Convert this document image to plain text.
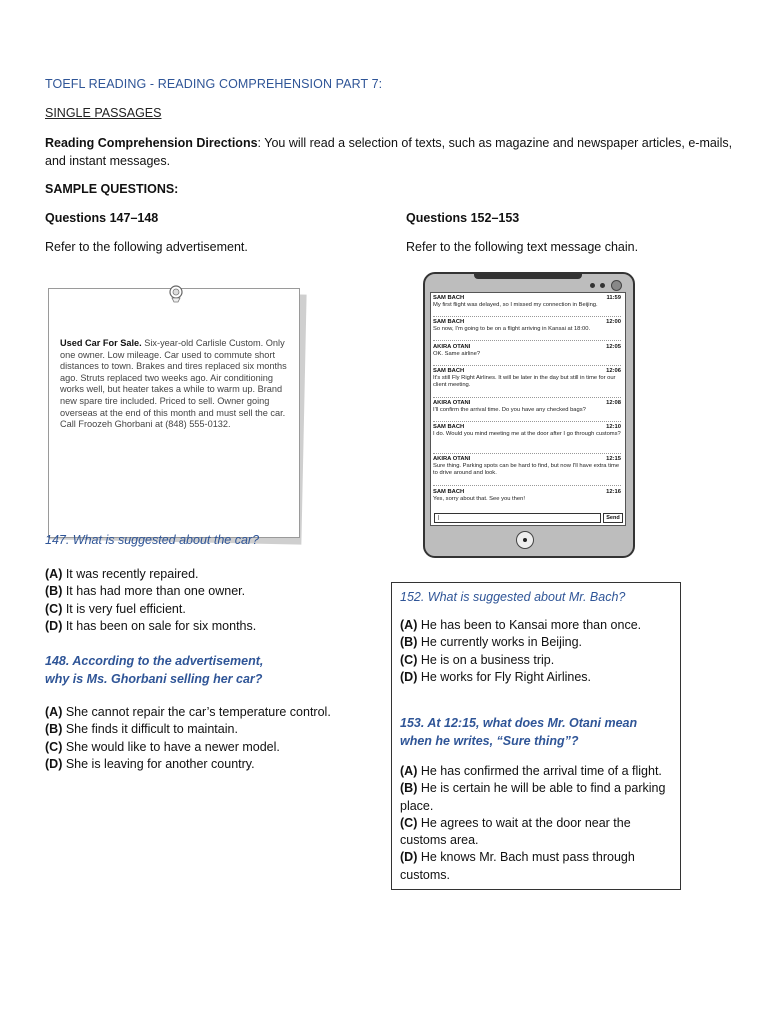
TOEFL READING - READING COMPREHENSION PART 7:
SINGLE PASSAGES
Reading Comprehension Directions: You will read a selection of texts, such as magazine and newspaper articles, e-mails, and instant messages.
SAMPLE QUESTIONS:
Questions 147–148
Refer to the following advertisement.
Used Car For Sale. Six-year-old Carlisle Custom. Only one owner. Low mileage. Car used to commute short distances to town. Brakes and tires replaced six months ago. Struts replaced two weeks ago. Air conditioning works well, but heater takes a while to warm up. Brand new spare tire included. Priced to sell. Owner going overseas at the end of this month and must sell the car. Call Froozeh Ghorbani at (848) 555-0132.
147. What is suggested about the car?
(A) It was recently repaired.
(B) It has had more than one owner.
(C) It is very fuel efficient.
(D) It has been on sale for six months.
148. According to the advertisement,
why is Ms. Ghorbani selling her car?
(A) She cannot repair the car’s temperature control.
(B) She finds it difficult to maintain.
(C) She would like to have a newer model.
(D) She is leaving for another country.
Questions 152–153
Refer to the following text message chain.
SAM BACH	11:59
My first flight was delayed, so I missed my connection in Beijing.
SAM BACH	12:00
So now, I'm going to be on a flight arriving in Kansai at 18:00.
AKIRA OTANI	12:05
OK. Same airline?
SAM BACH	12:06
It's still Fly Right Airlines. It will be later in the day but still in time for our client meeting.
AKIRA OTANI	12:08
I'll confirm the arrival time. Do you have any checked bags?
SAM BACH	12:10
I do. Would you mind meeting me at the door after I go through customs?
AKIRA OTANI	12:15
Sure thing. Parking spots can be hard to find, but now I'll have extra time to drive around and look.
SAM BACH	12:16
Yes, sorry about that. See you then!
|	Send
152. What is suggested about Mr. Bach?
(A) He has been to Kansai more than once.
(B) He currently works in Beijing.
(C) He is on a business trip.
(D) He works for Fly Right Airlines.
153. At 12:15, what does Mr. Otani mean
when he writes, “Sure thing”?
(A) He has confirmed the arrival time of a flight.
(B) He is certain he will be able to find a parking place.
(C) He agrees to wait at the door near the customs area.
(D) He knows Mr. Bach must pass through customs.
